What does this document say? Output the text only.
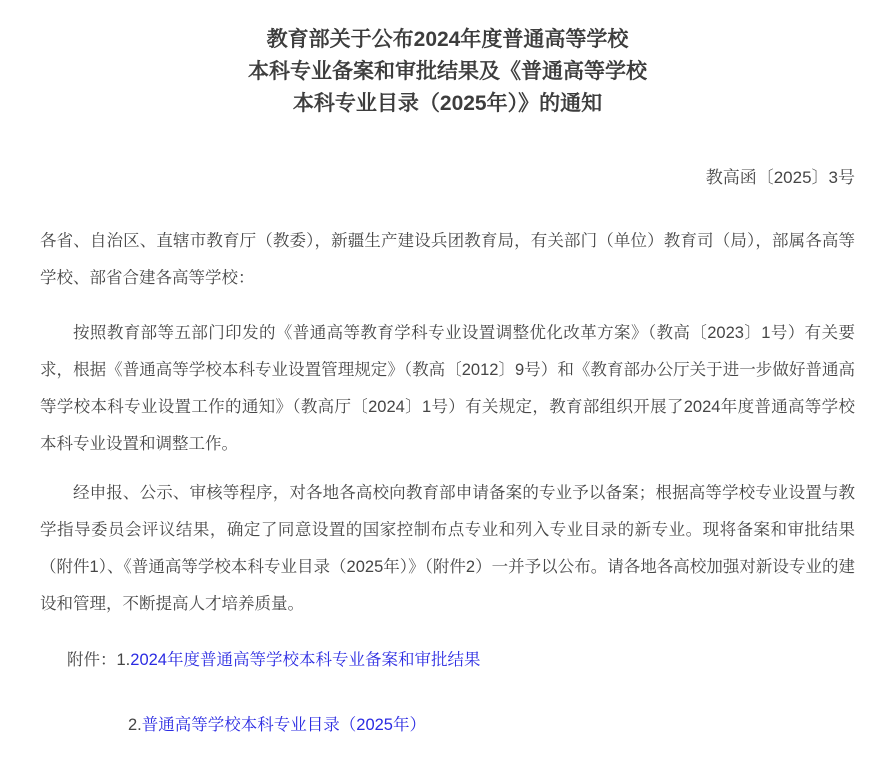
教育部关于公布2024年度普通高等学校
本科专业备案和审批结果及《普通高等学校
本科专业目录（2025年）》的通知
教高函〔2025〕3号

各省、自治区、直辖市教育厅（教委），新疆生产建设兵团教育局，有关部门（单位）教育司（局），部属各高等学校、部省合建各高等学校：

按照教育部等五部门印发的《普通高等教育学科专业设置调整优化改革方案》（教高〔2023〕1号）有关要求，根据《普通高等学校本科专业设置管理规定》（教高〔2012〕9号）和《教育部办公厅关于进一步做好普通高等学校本科专业设置工作的通知》（教高厅〔2024〕1号）有关规定，教育部组织开展了2024年度普通高等学校本科专业设置和调整工作。

经申报、公示、审核等程序，对各地各高校向教育部申请备案的专业予以备案；根据高等学校专业设置与教学指导委员会评议结果，确定了同意设置的国家控制布点专业和列入专业目录的新专业。现将备案和审批结果（附件1）、《普通高等学校本科专业目录（2025年）》（附件2）一并予以公布。请各地各高校加强对新设专业的建设和管理，不断提高人才培养质量。

附件：1.2024年度普通高等学校本科专业备案和审批结果

2.普通高等学校本科专业目录（2025年）
